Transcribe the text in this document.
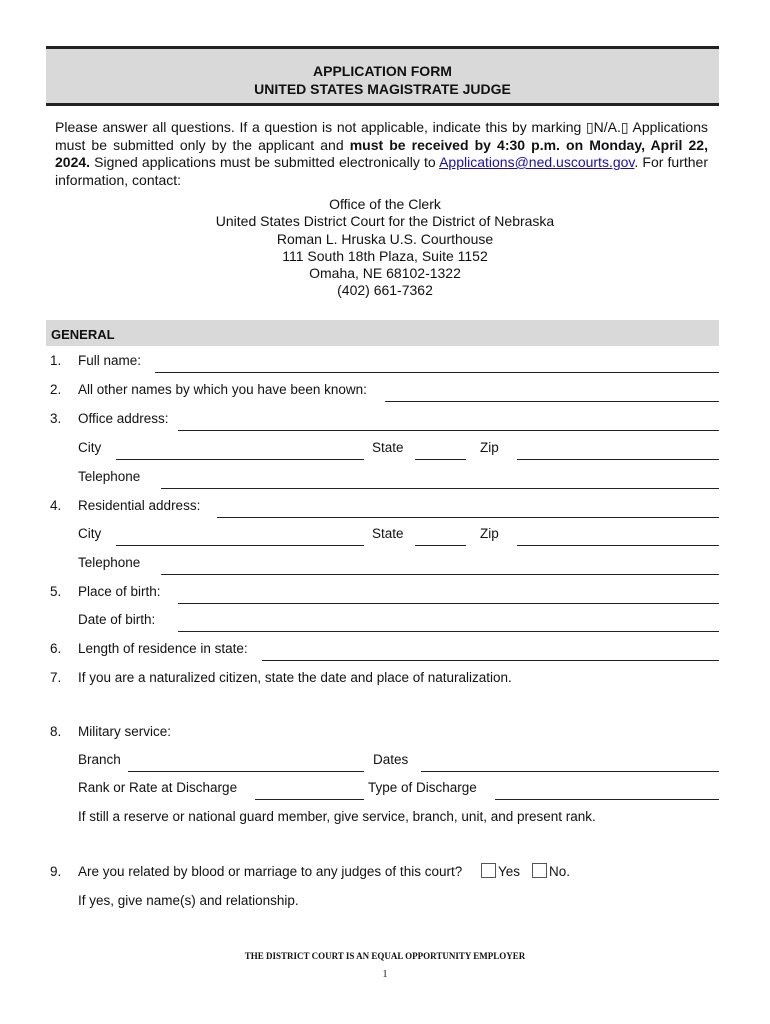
APPLICATION FORM
UNITED STATES MAGISTRATE JUDGE
Please answer all questions. If a question is not applicable, indicate this by marking ▯N/A.▯ Applications must be submitted only by the applicant and must be received by 4:30 p.m. on Monday, April 22, 2024. Signed applications must be submitted electronically to Applications@ned.uscourts.gov. For further information, contact:
Office of the Clerk
United States District Court for the District of Nebraska
Roman L. Hruska U.S. Courthouse
111 South 18th Plaza, Suite 1152
Omaha, NE 68102-1322
(402) 661-7362
GENERAL
1. Full name:
2. All other names by which you have been known:
3. Office address:
City	State	Zip
Telephone
4. Residential address:
City	State	Zip
Telephone
5. Place of birth:
Date of birth:
6. Length of residence in state:
7. If you are a naturalized citizen, state the date and place of naturalization.
8. Military service:
Branch	Dates
Rank or Rate at Discharge	Type of Discharge
If still a reserve or national guard member, give service, branch, unit, and present rank.
9. Are you related by blood or marriage to any judges of this court?	Yes No.
If yes, give name(s) and relationship.
THE DISTRICT COURT IS AN EQUAL OPPORTUNITY EMPLOYER
1
